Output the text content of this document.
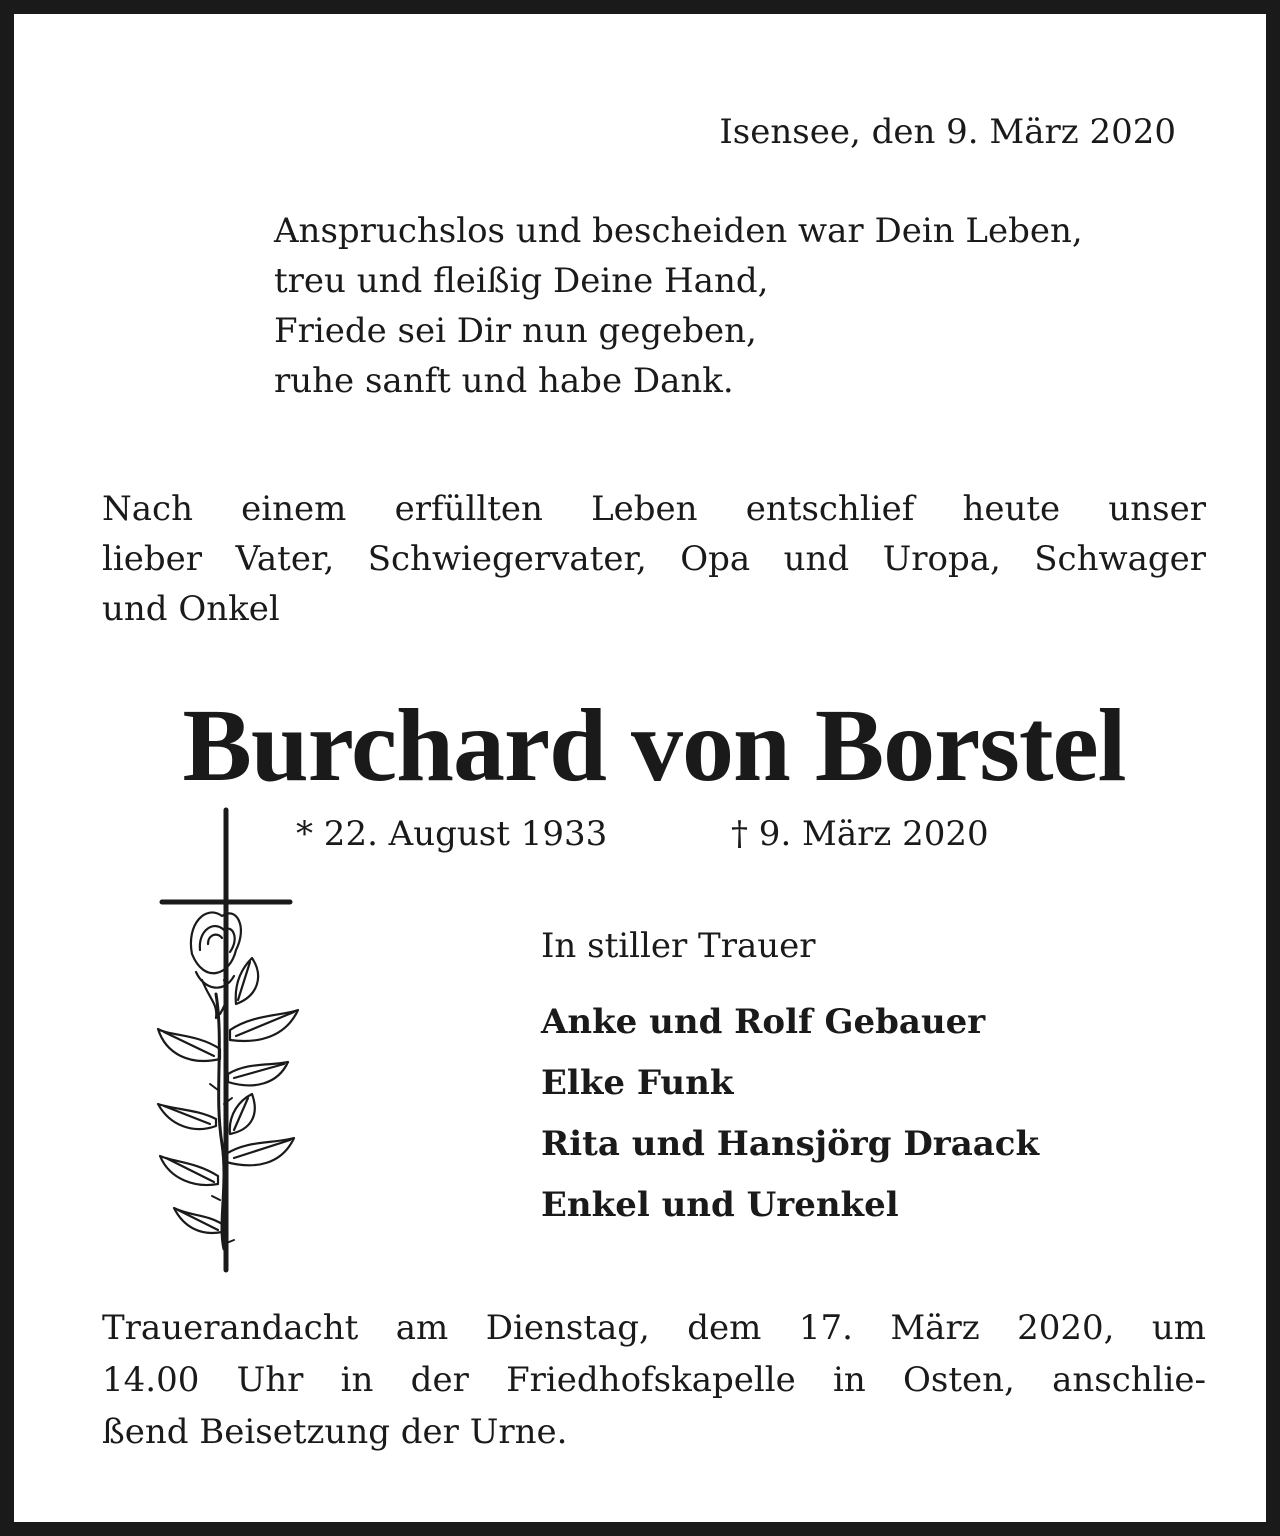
Isensee, den 9. März 2020

Anspruchslos und bescheiden war Dein Leben,
treu und fleißig Deine Hand,
Friede sei Dir nun gegeben,
ruhe sanft und habe Dank.
Nach einem erfüllten Leben entschlief heute unser
lieber Vater, Schwiegervater, Opa und Uropa, Schwager
und Onkel
Burchard von Borstel

* 22. August 1933	† 9. März 2020

In stiller Trauer

Anke und Rolf Gebauer
Elke Funk
Rita und Hansjörg Draack
Enkel und Urenkel
Trauerandacht am Dienstag, dem 17. März 2020, um
14.00 Uhr in der Friedhofskapelle in Osten, anschlie-
ßend Beisetzung der Urne.
